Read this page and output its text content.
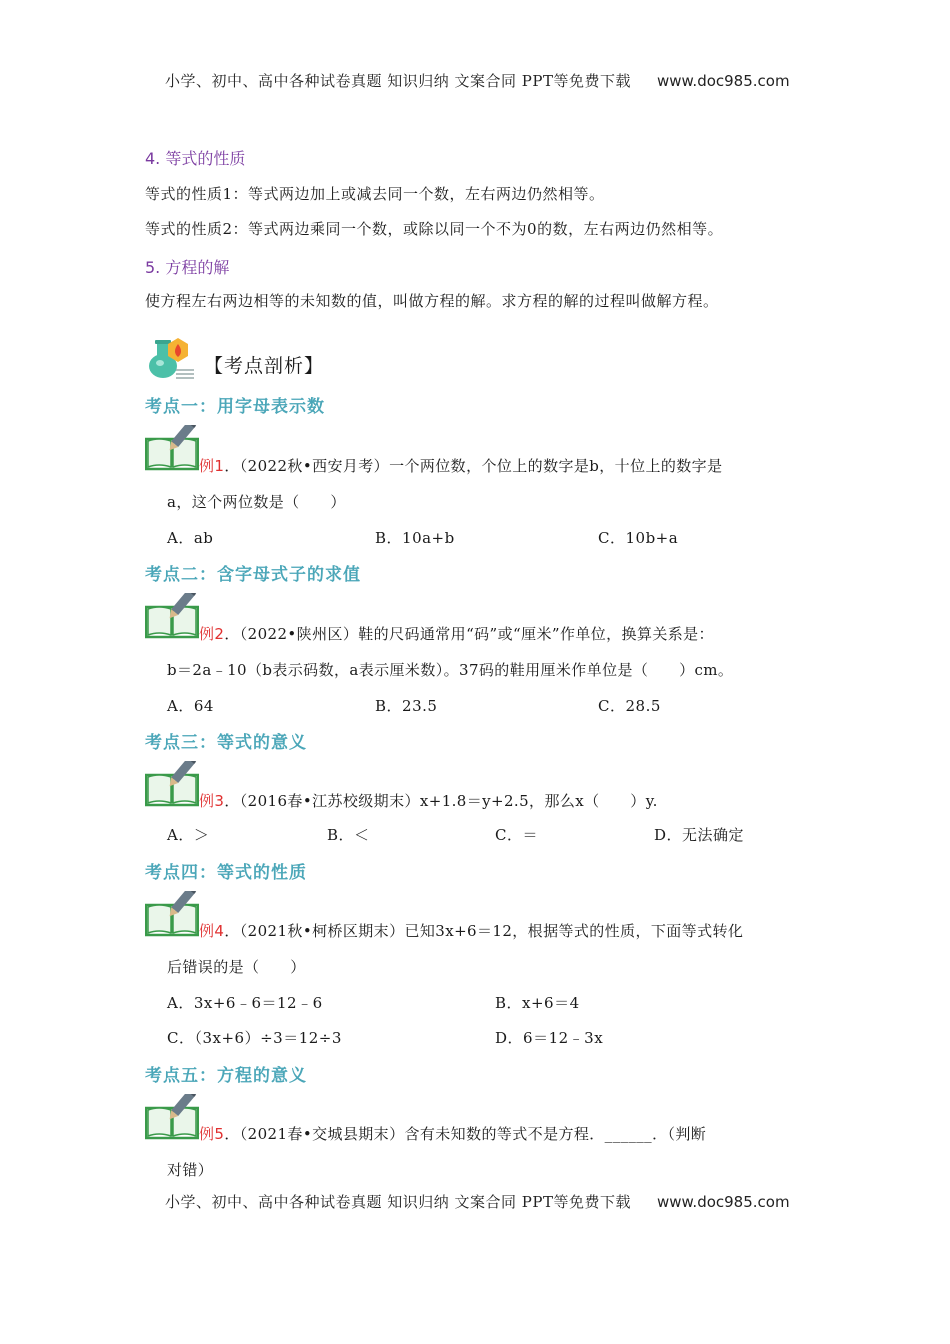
小学、初中、高中各种试卷真题 知识归纳 文案合同 PPT等免费下载 www.doc985.com
4. 等式的性质
等式的性质1：等式两边加上或减去同一个数，左右两边仍然相等。
等式的性质2：等式两边乘同一个数，或除以同一个不为0的数，左右两边仍然相等。
5. 方程的解
使方程左右两边相等的未知数的值，叫做方程的解。求方程的解的过程叫做解方程。
【考点剖析】
考点一：用字母表示数
例1．（2022秋•西安月考）一个两位数，个位上的数字是b，十位上的数字是
a，这个两位数是（　　）
A．ab	B．10a+b	C．10b+a
考点二：含字母式子的求值
例2．（2022•陕州区）鞋的尺码通常用“码”或“厘米”作单位，换算关系是：
b＝2a﹣10（b表示码数，a表示厘米数）。37码的鞋用厘米作单位是（　　）cm。
A．64	B．23.5	C．28.5
考点三：等式的意义
例3．（2016春•江苏校级期末）x+1.8＝y+2.5，那么x（　　）y.
A．＞	B．＜	C．＝	D．无法确定
考点四：等式的性质
例4．（2021秋•柯桥区期末）已知3x+6＝12，根据等式的性质，下面等式转化
后错误的是（　　）
A．3x+6﹣6＝12﹣6	B．x+6＝4
C．（3x+6）÷3＝12÷3	D．6＝12﹣3x
考点五：方程的意义
例5．（2021春•交城县期末）含有未知数的等式不是方程．______．（判断
对错）
小学、初中、高中各种试卷真题 知识归纳 文案合同 PPT等免费下载 www.doc985.com
